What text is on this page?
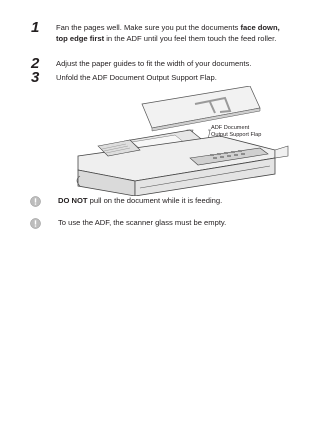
1 Fan the pages well. Make sure you put the documents face down, top edge first in the ADF until you feel them touch the feed roller.
2 Adjust the paper guides to fit the width of your documents.
3 Unfold the ADF Document Output Support Flap.
ADF Document
Output Support Flap
DO NOT pull on the document while it is feeding.
To use the ADF, the scanner glass must be empty.
